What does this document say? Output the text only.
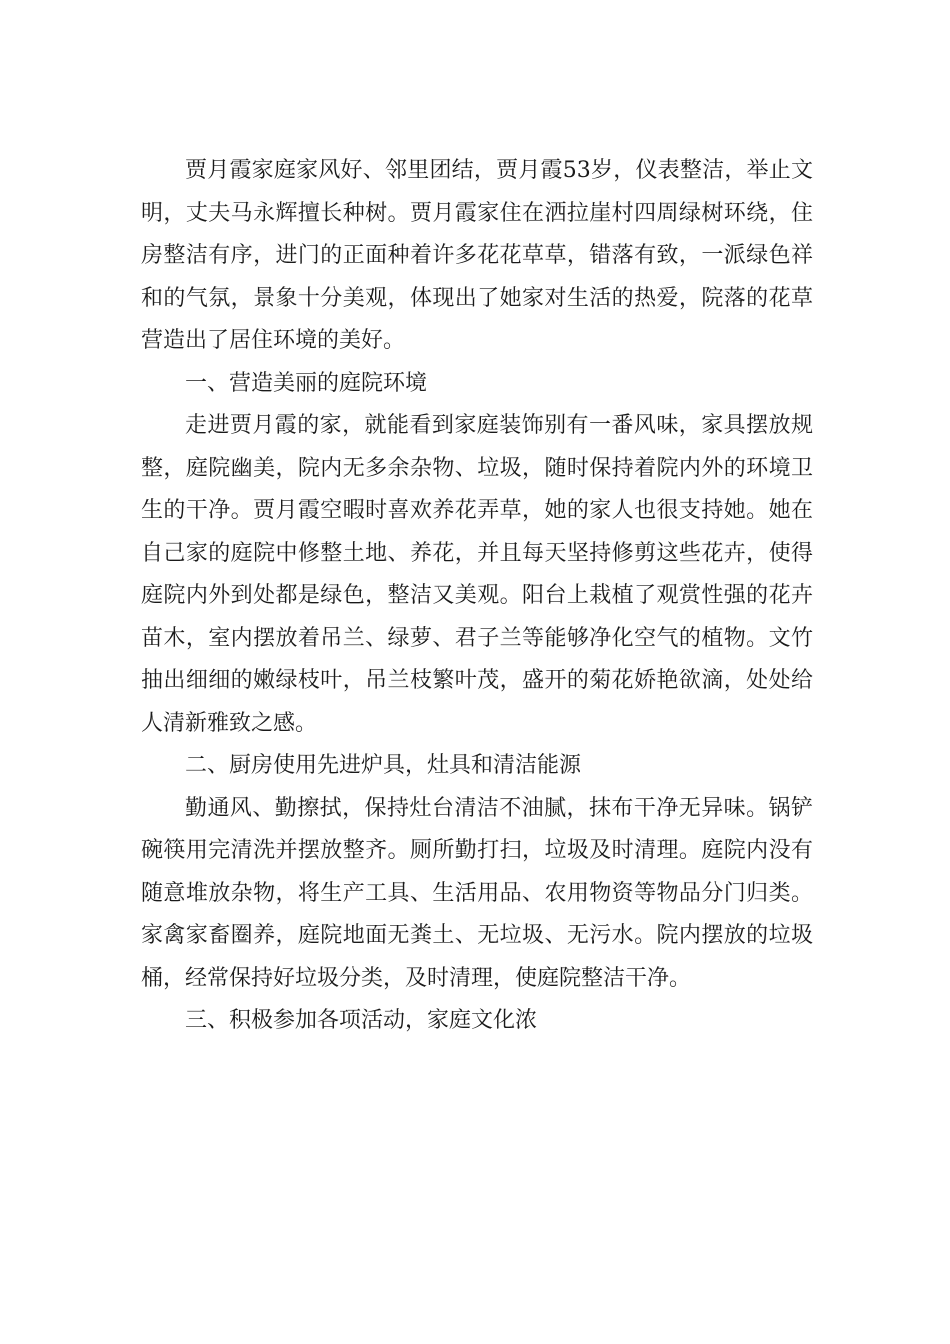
贾月霞家庭家风好、邻里团结，贾月霞53岁，仪表整洁，举止文明，丈夫马永辉擅长种树。贾月霞家住在洒拉崖村四周绿树环绕，住房整洁有序，进门的正面种着许多花花草草，错落有致，一派绿色祥和的气氛，景象十分美观，体现出了她家对生活的热爱，院落的花草营造出了居住环境的美好。

一、营造美丽的庭院环境

走进贾月霞的家，就能看到家庭装饰别有一番风味，家具摆放规整，庭院幽美，院内无多余杂物、垃圾，随时保持着院内外的环境卫生的干净。贾月霞空暇时喜欢养花弄草，她的家人也很支持她。她在自己家的庭院中修整土地、养花，并且每天坚持修剪这些花卉，使得庭院内外到处都是绿色，整洁又美观。阳台上栽植了观赏性强的花卉苗木，室内摆放着吊兰、绿萝、君子兰等能够净化空气的植物。文竹抽出细细的嫩绿枝叶，吊兰枝繁叶茂，盛开的菊花娇艳欲滴，处处给人清新雅致之感。

二、厨房使用先进炉具，灶具和清洁能源

勤通风、勤擦拭，保持灶台清洁不油腻，抹布干净无异味。锅铲碗筷用完清洗并摆放整齐。厕所勤打扫，垃圾及时清理。庭院内没有随意堆放杂物，将生产工具、生活用品、农用物资等物品分门归类。家禽家畜圈养，庭院地面无粪土、无垃圾、无污水。院内摆放的垃圾桶，经常保持好垃圾分类，及时清理，使庭院整洁干净。

三、积极参加各项活动，家庭文化浓
